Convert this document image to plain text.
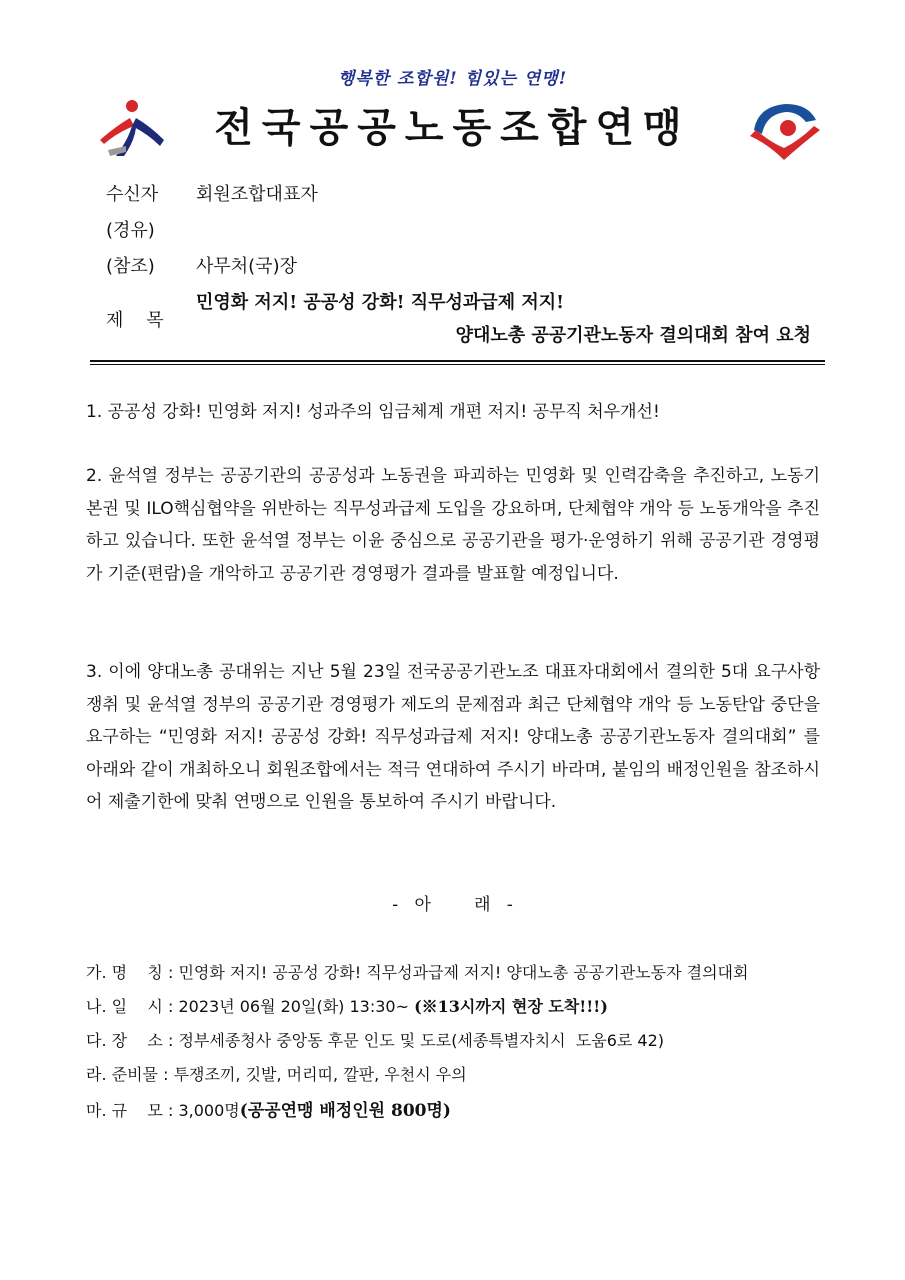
행복한 조합원! 힘있는 연맹!
전국공공노동조합연맹
수신자 회원조합대표자
(경유)
(참조) 사무처(국)장
제    목
민영화 저지! 공공성 강화! 직무성과급제 저지!
양대노총 공공기관노동자 결의대회 참여 요청
1. 공공성 강화! 민영화 저지! 성과주의 임금체계 개편 저지! 공무직 처우개선!
2. 윤석열 정부는 공공기관의 공공성과 노동권을 파괴하는 민영화 및 인력감축을 추진하고, 노동기본권 및 ILO핵심협약을 위반하는 직무성과급제 도입을 강요하며, 단체협약 개악 등 노동개악을 추진하고 있습니다. 또한 윤석열 정부는 이윤 중심으로 공공기관을 평가·운영하기 위해 공공기관 경영평가 기준(편람)을 개악하고 공공기관 경영평가 결과를 발표할 예정입니다.
3. 이에 양대노총 공대위는 지난 5월 23일 전국공공기관노조 대표자대회에서 결의한 5대 요구사항 쟁취 및 윤석열 정부의 공공기관 경영평가 제도의 문제점과 최근 단체협약 개악 등 노동탄압 중단을 요구하는 “민영화 저지! 공공성 강화! 직무성과급제 저지! 양대노총 공공기관노동자 결의대회” 를 아래와 같이 개최하오니 회원조합에서는 적극 연대하여 주시기 바라며, 붙임의 배정인원을 참조하시어 제출기한에 맞춰 연맹으로 인원을 통보하여 주시기 바랍니다.
-   아        래   -
가. 명    칭 : 민영화 저지! 공공성 강화! 직무성과급제 저지! 양대노총 공공기관노동자 결의대회
나. 일    시 : 2023년 06월 20일(화) 13:30~ (※13시까지 현장 도착!!!)
다. 장    소 : 정부세종청사 중앙동 후문 인도 및 도로(세종특별자치시  도움6로 42)
라. 준비물 : 투쟁조끼, 깃발, 머리띠, 깔판, 우천시 우의
마. 규    모 : 3,000명(공공연맹 배정인원 800명)
